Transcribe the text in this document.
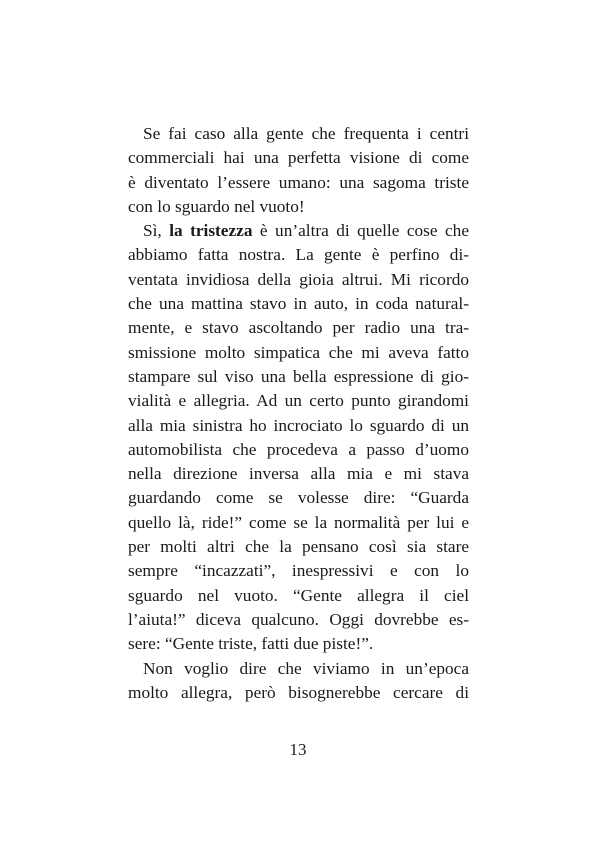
Se fai caso alla gente che frequenta i centri
commerciali hai una perfetta visione di come
è diventato l’essere umano: una sagoma triste
con lo sguardo nel vuoto!
Sì, la tristezza è un’altra di quelle cose che
abbiamo fatta nostra. La gente è perfino di-
ventata invidiosa della gioia altrui. Mi ricordo
che una mattina stavo in auto, in coda natural-
mente, e stavo ascoltando per radio una tra-
smissione molto simpatica che mi aveva fatto
stampare sul viso una bella espressione di gio-
vialità e allegria. Ad un certo punto girandomi
alla mia sinistra ho incrociato lo sguardo di un
automobilista che procedeva a passo d’uomo
nella direzione inversa alla mia e mi stava
guardando come se volesse dire: “Guarda
quello là, ride!” come se la normalità per lui e
per molti altri che la pensano così sia stare
sempre “incazzati”, inespressivi e con lo
sguardo nel vuoto. “Gente allegra il ciel
l’aiuta!” diceva qualcuno. Oggi dovrebbe es-
sere: “Gente triste, fatti due piste!”.
Non voglio dire che viviamo in un’epoca
molto allegra, però bisognerebbe cercare di
13
